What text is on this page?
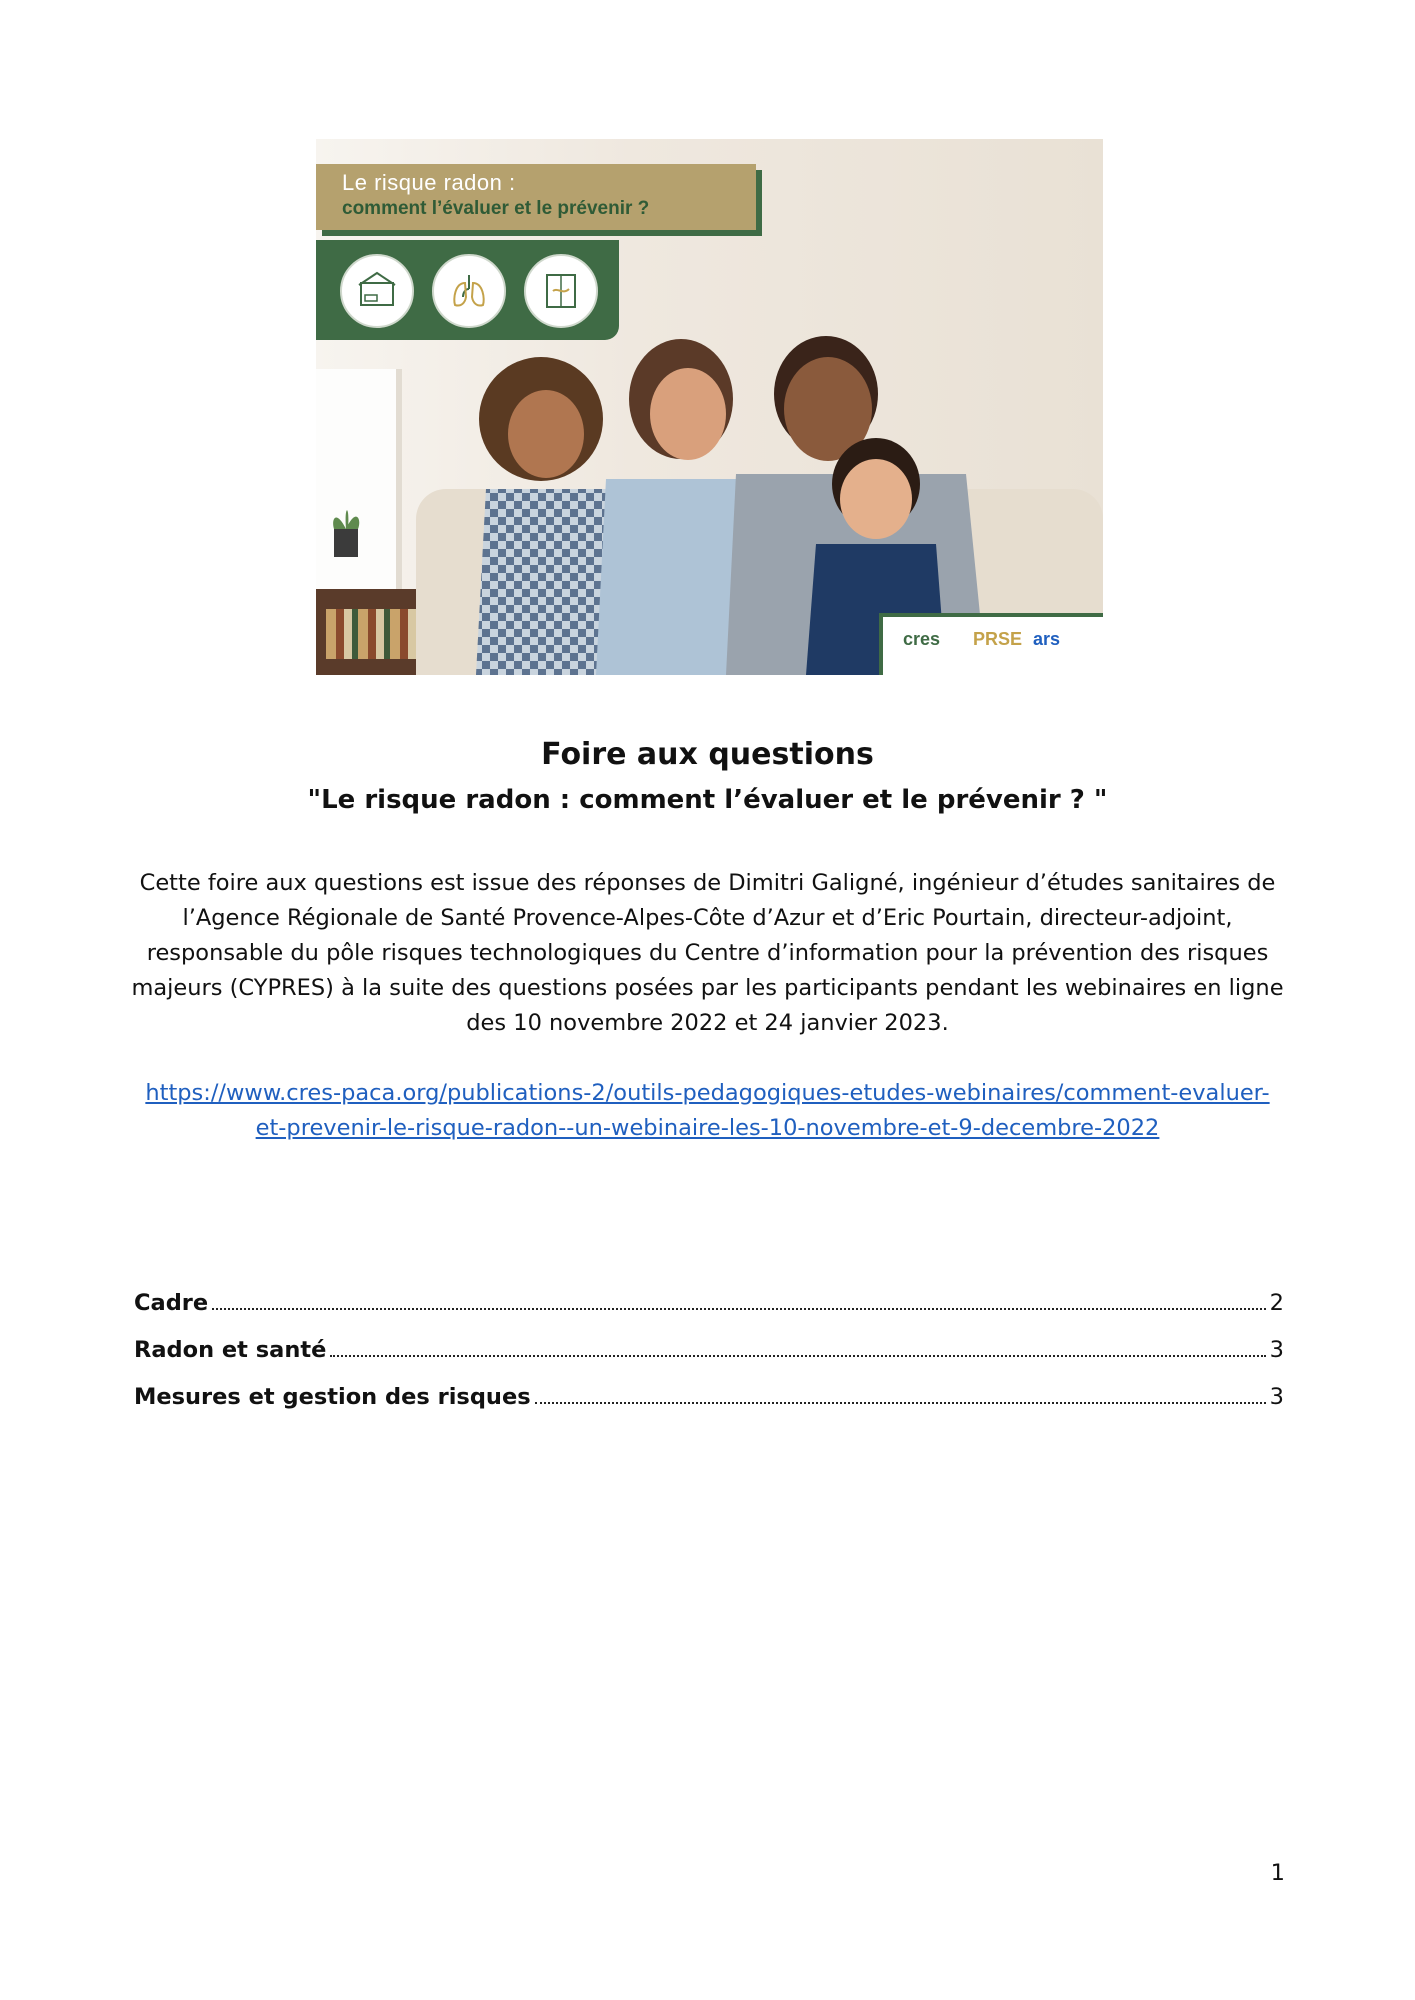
Le risque radon :
comment l’évaluer et le prévenir ?
cres PRSE ars
Foire aux questions
"Le risque radon : comment l’évaluer et le prévenir ? "
Cette foire aux questions est issue des réponses de Dimitri Galigné, ingénieur d’études sanitaires de l’Agence Régionale de Santé Provence-Alpes-Côte d’Azur et d’Eric Pourtain, directeur-adjoint, responsable du pôle risques technologiques du Centre d’information pour la prévention des risques majeurs (CYPRES) à la suite des questions posées par les participants pendant les webinaires en ligne des 10 novembre 2022 et 24 janvier 2023.
https://www.cres-paca.org/publications-2/outils-pedagogiques-etudes-webinaires/comment-evaluer-et-prevenir-le-risque-radon--un-webinaire-les-10-novembre-et-9-decembre-2022
Cadre	2
Radon et santé	3
Mesures et gestion des risques	3
1
